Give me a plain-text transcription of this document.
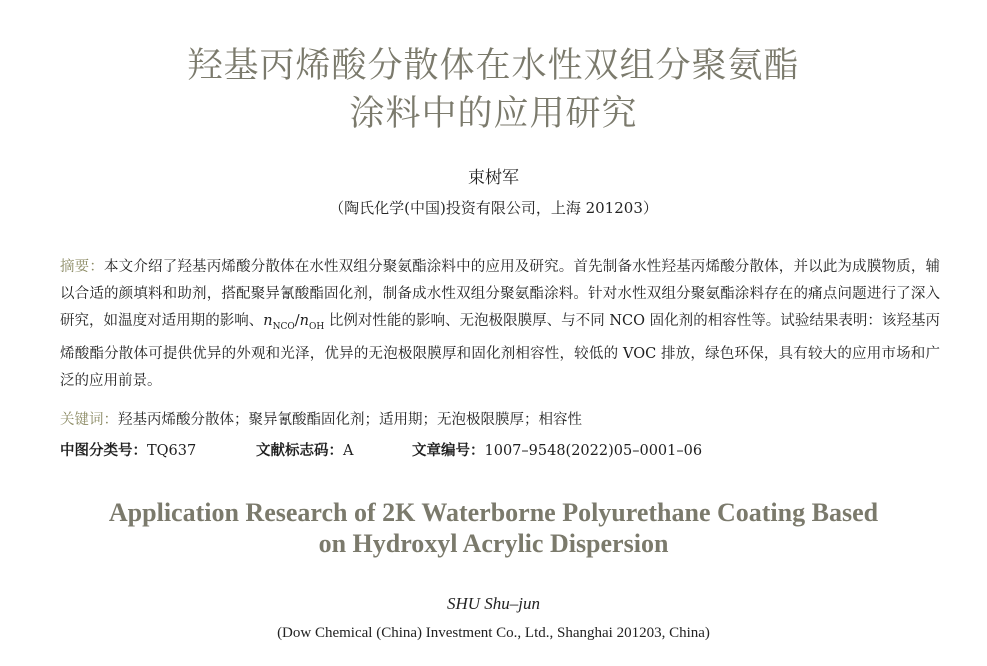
羟基丙烯酸分散体在水性双组分聚氨酯
涂料中的应用研究
束树军
（陶氏化学(中国)投资有限公司，上海 201203）
摘要：本文介绍了羟基丙烯酸分散体在水性双组分聚氨酯涂料中的应用及研究。首先制备水性羟基丙烯酸分散体，并以此为成膜物质，辅以合适的颜填料和助剂，搭配聚异氰酸酯固化剂，制备成水性双组分聚氨酯涂料。针对水性双组分聚氨酯涂料存在的痛点问题进行了深入研究，如温度对适用期的影响、$n_{NCO}/n_{OH}$ 比例对性能的影响、无泡极限膜厚、与不同 NCO 固化剂的相容性等。试验结果表明：该羟基丙烯酸酯分散体可提供优异的外观和光泽，优异的无泡极限膜厚和固化剂相容性，较低的 VOC 排放，绿色环保，具有较大的应用市场和广泛的应用前景。
关键词：羟基丙烯酸分散体；聚异氰酸酯固化剂；适用期；无泡极限膜厚；相容性
中图分类号：TQ637	文献标志码：A	文章编号：1007–9548(2022)05–0001–06
Application Research of 2K Waterborne Polyurethane Coating Based
on Hydroxyl Acrylic Dispersion
SHU Shu–jun
(Dow Chemical (China) Investment Co., Ltd., Shanghai 201203, China)
